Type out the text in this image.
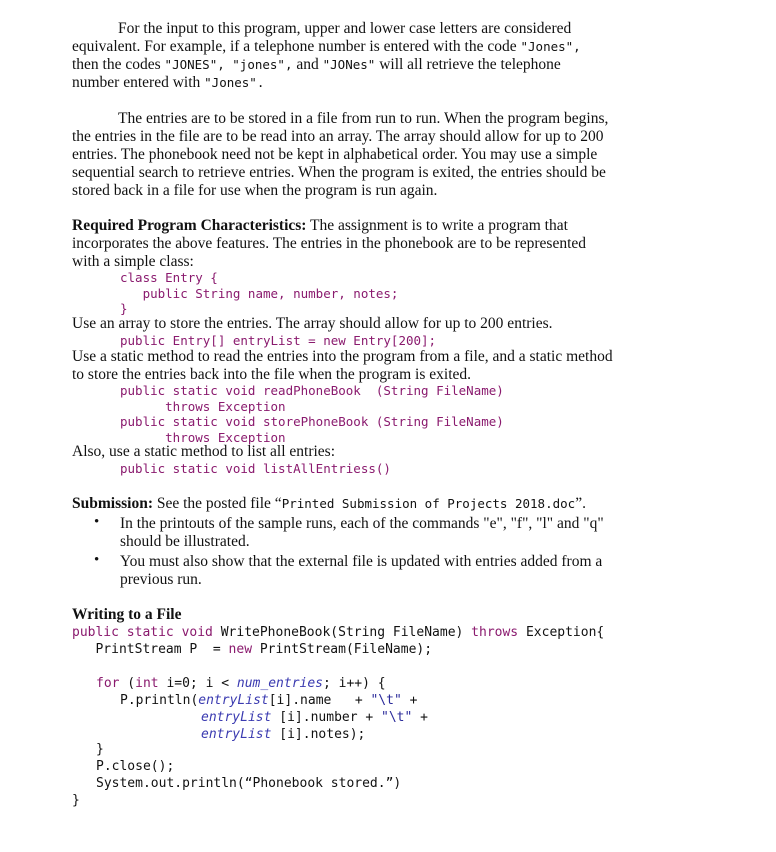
For the input to this program, upper and lower case letters are considered
equivalent. For example, if a telephone number is entered with the code "Jones",
then the codes "JONES", "jones", and "JONes" will all retrieve the telephone
number entered with "Jones".
The entries are to be stored in a file from run to run. When the program begins,
the entries in the file are to be read into an array. The array should allow for up to 200
entries. The phonebook need not be kept in alphabetical order. You may use a simple
sequential search to retrieve entries. When the program is exited, the entries should be
stored back in a file for use when the program is run again.
Required Program Characteristics: The assignment is to write a program that
incorporates the above features. The entries in the phonebook are to be represented
with a simple class:
class Entry {
public String name, number, notes;
}
Use an array to store the entries. The array should allow for up to 200 entries.
public Entry[] entryList = new Entry[200];
Use a static method to read the entries into the program from a file, and a static method
to store the entries back into the file when the program is exited.
public static void readPhoneBook  (String FileName)
throws Exception
public static void storePhoneBook (String FileName)
throws Exception
Also, use a static method to list all entries:
public static void listAllEntriess()
Submission: See the posted file “Printed Submission of Projects 2018.doc”.
• In the printouts of the sample runs, each of the commands "e", "f", "l" and "q"
should be illustrated.
• You must also show that the external file is updated with entries added from a
previous run.
Writing to a File
public static void WritePhoneBook(String FileName) throws Exception{
PrintStream P  = new PrintStream(FileName);
for (int i=0; i < num_entries; i++) {
P.println(entryList[i].name   + "\t" +
entryList [i].number + "\t" +
entryList [i].notes);
}
P.close();
System.out.println(“Phonebook stored.”)
}
